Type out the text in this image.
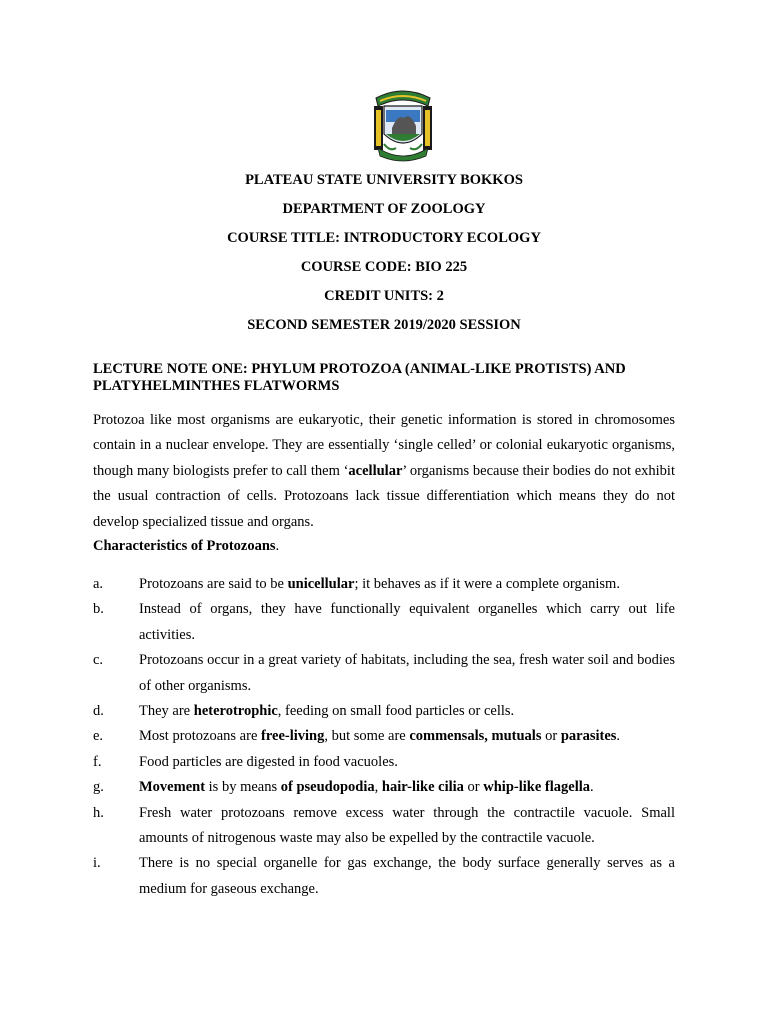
PLATEAU STATE UNIVERSITY BOKKOS
DEPARTMENT OF ZOOLOGY
COURSE TITLE: INTRODUCTORY ECOLOGY
COURSE CODE: BIO 225
CREDIT UNITS: 2
SECOND SEMESTER 2019/2020 SESSION
LECTURE NOTE ONE: PHYLUM PROTOZOA (ANIMAL-LIKE PROTISTS) AND PLATYHELMINTHES FLATWORMS
Protozoa like most organisms are eukaryotic, their genetic information is stored in chromosomes contain in a nuclear envelope. They are essentially ‘single celled’ or colonial eukaryotic organisms, though many biologists prefer to call them ‘acellular’ organisms because their bodies do not exhibit the usual contraction of cells. Protozoans lack tissue differentiation which means they do not develop specialized tissue and organs.
Characteristics of Protozoans.
a. Protozoans are said to be unicellular; it behaves as if it were a complete organism.
b. Instead of organs, they have functionally equivalent organelles which carry out life activities.
c. Protozoans occur in a great variety of habitats, including the sea, fresh water soil and bodies of other organisms.
d. They are heterotrophic, feeding on small food particles or cells.
e. Most protozoans are free-living, but some are commensals, mutuals or parasites.
f.	Food particles are digested in food vacuoles.
g. Movement is by means of pseudopodia, hair-like cilia or whip-like flagella.
h. Fresh water protozoans remove excess water through the contractile vacuole. Small amounts of nitrogenous waste may also be expelled by the contractile vacuole.
i.	There is no special organelle for gas exchange, the body surface generally serves as a medium for gaseous exchange.
